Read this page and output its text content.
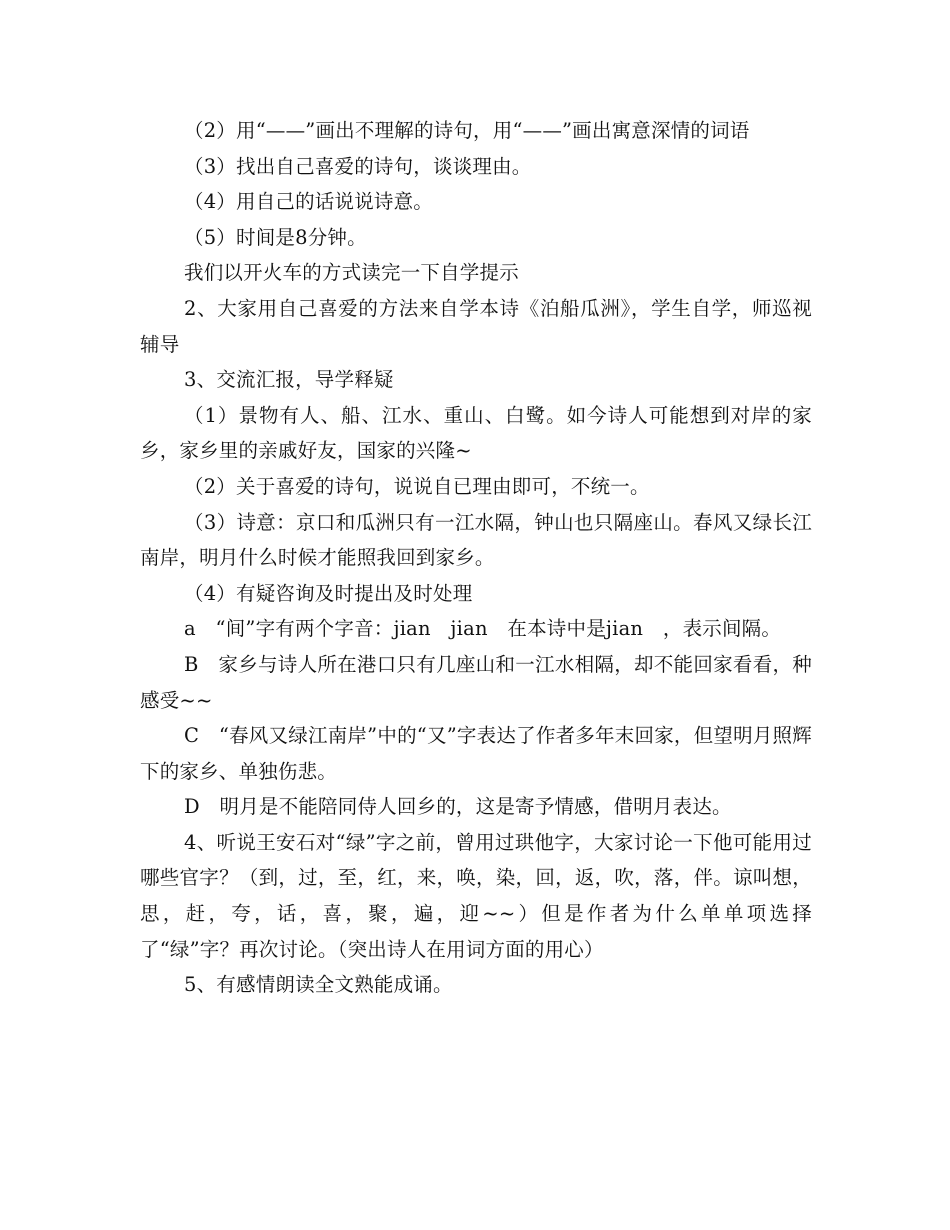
（2）用“——”画出不理解的诗句，用“——”画出寓意深情的词语

（3）找出自己喜爱的诗句，谈谈理由。

（4）用自己的话说说诗意。

（5）时间是8分钟。

我们以开火车的方式读完一下自学提示

2、大家用自己喜爱的方法来自学本诗《泊船瓜洲》，学生自学，师巡视辅导

3、交流汇报，导学释疑

（1）景物有人、船、江水、重山、白鹭。如今诗人可能想到对岸的家乡，家乡里的亲戚好友，国家的兴隆~

（2）关于喜爱的诗句，说说自已理由即可，不统一。

（3）诗意：京口和瓜洲只有一江水隔，钟山也只隔座山。春风又绿长江南岸，明月什么时候才能照我回到家乡。

（4）有疑咨询及时提出及时处理

a　“间”字有两个字音：jian　jian　在本诗中是jian　，表示间隔。

B　家乡与诗人所在港口只有几座山和一江水相隔，却不能回家看看，种感受~~

C　“春风又绿江南岸”中的“又”字表达了作者多年末回家，但望明月照辉下的家乡、单独伤悲。

D　明月是不能陪同侍人回乡的，这是寄予情感，借明月表达。

4、听说王安石对“绿”字之前，曾用过珙他字，大家讨论一下他可能用过哪些官字？（到，过，至，红，来，唤，染，回，返，吹，落，伴。谅叫想，思，赶，夸，话，喜，聚，遍，迎~~）但是作者为什么单单项选择了“绿”字？再次讨论。（突出诗人在用词方面的用心）

5、有感情朗读全文熟能成诵。
